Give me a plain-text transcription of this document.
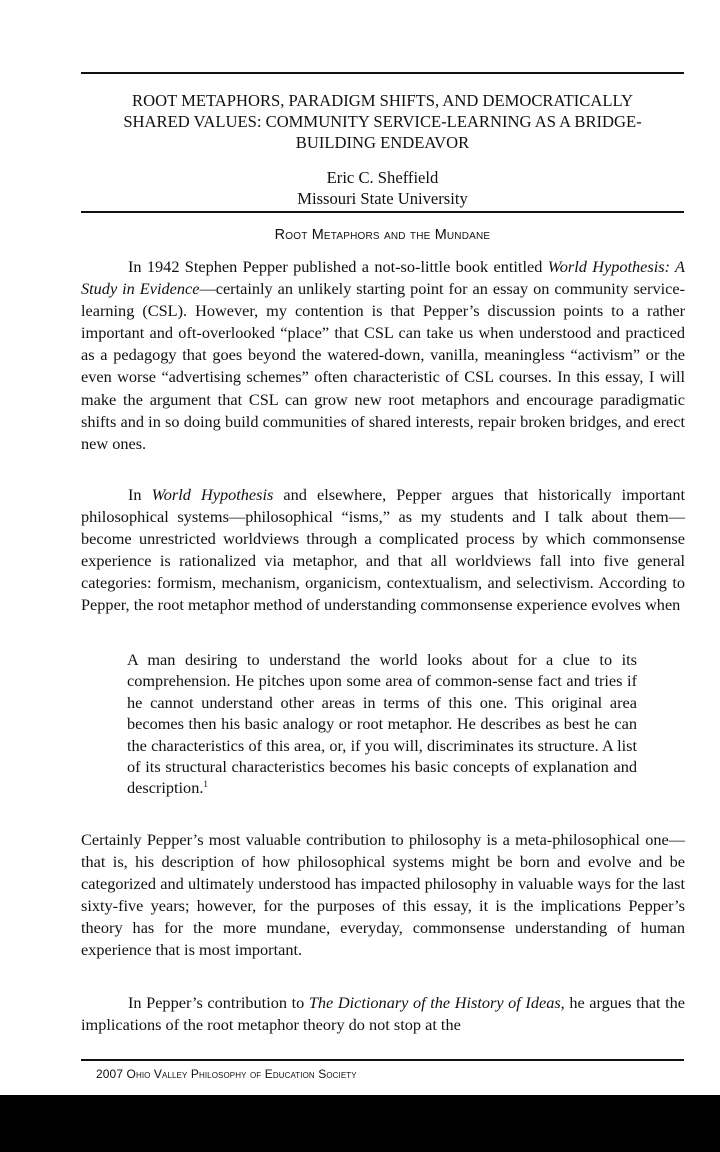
ROOT METAPHORS, PARADIGM SHIFTS, AND DEMOCRATICALLY
SHARED VALUES: COMMUNITY SERVICE-LEARNING AS A BRIDGE-
BUILDING ENDEAVOR
Eric C. Sheffield
Missouri State University
Root Metaphors and the Mundane

In 1942 Stephen Pepper published a not-so-little book entitled World Hypothesis: A Study in Evidence—certainly an unlikely starting point for an essay on community service-learning (CSL). However, my contention is that Pepper’s discussion points to a rather important and oft-overlooked “place” that CSL can take us when understood and practiced as a pedagogy that goes beyond the watered-down, vanilla, meaningless “activism” or the even worse “advertising schemes” often characteristic of CSL courses. In this essay, I will make the argument that CSL can grow new root metaphors and encourage paradigmatic shifts and in so doing build communities of shared interests, repair broken bridges, and erect new ones.

In World Hypothesis and elsewhere, Pepper argues that historically important philosophical systems—philosophical “isms,” as my students and I talk about them—become unrestricted worldviews through a complicated process by which commonsense experience is rationalized via metaphor, and that all worldviews fall into five general categories: formism, mechanism, organicism, contextualism, and selectivism. According to Pepper, the root metaphor method of understanding commonsense experience evolves when

A man desiring to understand the world looks about for a clue to its comprehension. He pitches upon some area of common-sense fact and tries if he cannot understand other areas in terms of this one. This original area becomes then his basic analogy or root metaphor. He describes as best he can the characteristics of this area, or, if you will, discriminates its structure. A list of its structural characteristics becomes his basic concepts of explanation and description.$^1$

Certainly Pepper’s most valuable contribution to philosophy is a meta-philosophical one—that is, his description of how philosophical systems might be born and evolve and be categorized and ultimately understood has impacted philosophy in valuable ways for the last sixty-five years; however, for the purposes of this essay, it is the implications Pepper’s theory has for the more mundane, everyday, commonsense understanding of human experience that is most important.

In Pepper’s contribution to The Dictionary of the History of Ideas, he argues that the implications of the root metaphor theory do not stop at the

2007 Ohio Valley Philosophy of Education Society
